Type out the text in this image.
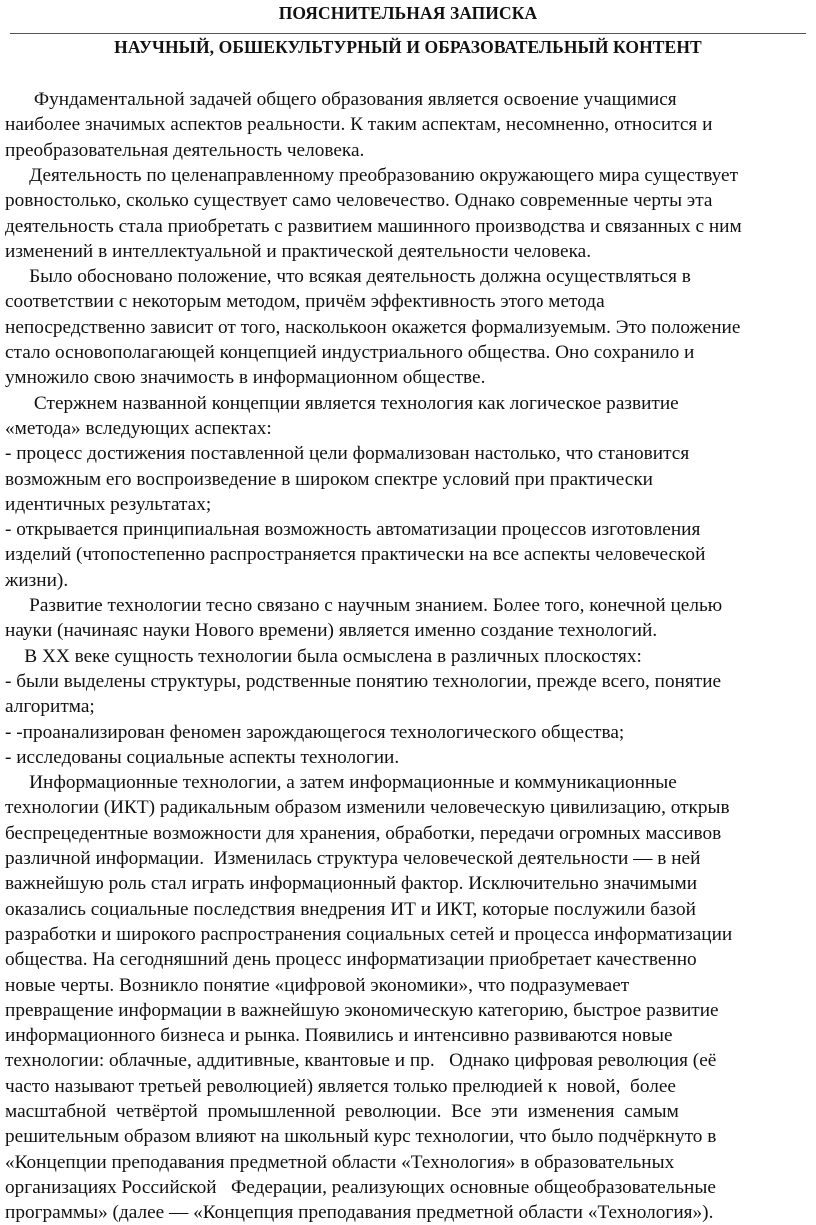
ПОЯСНИТЕЛЬНАЯ ЗАПИСКА
НАУЧНЫЙ, ОБШЕКУЛЬТУРНЫЙ И ОБРАЗОВАТЕЛЬНЫЙ КОНТЕНТ
Фундаментальной задачей общего образования является освоение учащимися
наиболее значимых аспектов реальности. К таким аспектам, несомненно, относится и
преобразовательная деятельность человека.
Деятельность по целенаправленному преобразованию окружающего мира существует
ровностолько, сколько существует само человечество. Однако современные черты эта
деятельность стала приобретать с развитием машинного производства и связанных с ним
изменений в интеллектуальной и практической деятельности человека.
Было обосновано положение, что всякая деятельность должна осуществляться в
соответствии с некоторым методом, причём эффективность этого метода
непосредственно зависит от того, насколькоон окажется формализуемым. Это положение
стало основополагающей концепцией индустриального общества. Оно сохранило и
умножило свою значимость в информационном обществе.
Стержнем названной концепции является технология как логическое развитие
«метода» вследующих аспектах:
- процесс достижения поставленной цели формализован настолько, что становится
возможным его воспроизведение в широком спектре условий при практически
идентичных результатах;
- открывается принципиальная возможность автоматизации процессов изготовления
изделий (чтопостепенно распространяется практически на все аспекты человеческой
жизни).
Развитие технологии тесно связано с научным знанием. Более того, конечной целью
науки (начинаяс науки Нового времени) является именно создание технологий.
В XX веке сущность технологии была осмыслена в различных плоскостях:
- были выделены структуры, родственные понятию технологии, прежде всего, понятие
алгоритма;
- -проанализирован феномен зарождающегося технологического общества;
- исследованы социальные аспекты технологии.
Информационные технологии, а затем информационные и коммуникационные
технологии (ИКТ) радикальным образом изменили человеческую цивилизацию, открыв
беспрецедентные возможности для хранения, обработки, передачи огромных массивов
различной информации.  Изменилась структура человеческой деятельности — в ней
важнейшую роль стал играть информационный фактор. Исключительно значимыми
оказались социальные последствия внедрения ИТ и ИКТ, которые послужили базой
разработки и широкого распространения социальных сетей и процесса информатизации
общества. На сегодняшний день процесс информатизации приобретает качественно
новые черты. Возникло понятие «цифровой экономики», что подразумевает
превращение информации в важнейшую экономическую категорию, быстрое развитие
информационного бизнеса и рынка. Появились и интенсивно развиваются новые
технологии: облачные, аддитивные, квантовые и пр.   Однако цифровая революция (её
часто называют третьей революцией) является только прелюдией к  новой,  более
масштабной  четвёртой  промышленной  революции.  Все  эти  изменения  самым
решительным образом влияют на школьный курс технологии, что было подчёркнуто в
«Концепции преподавания предметной области «Технология» в образовательных
организациях Российской   Федерации, реализующих основные общеобразовательные
программы» (далее — «Концепция преподавания предметной области «Технология»).
